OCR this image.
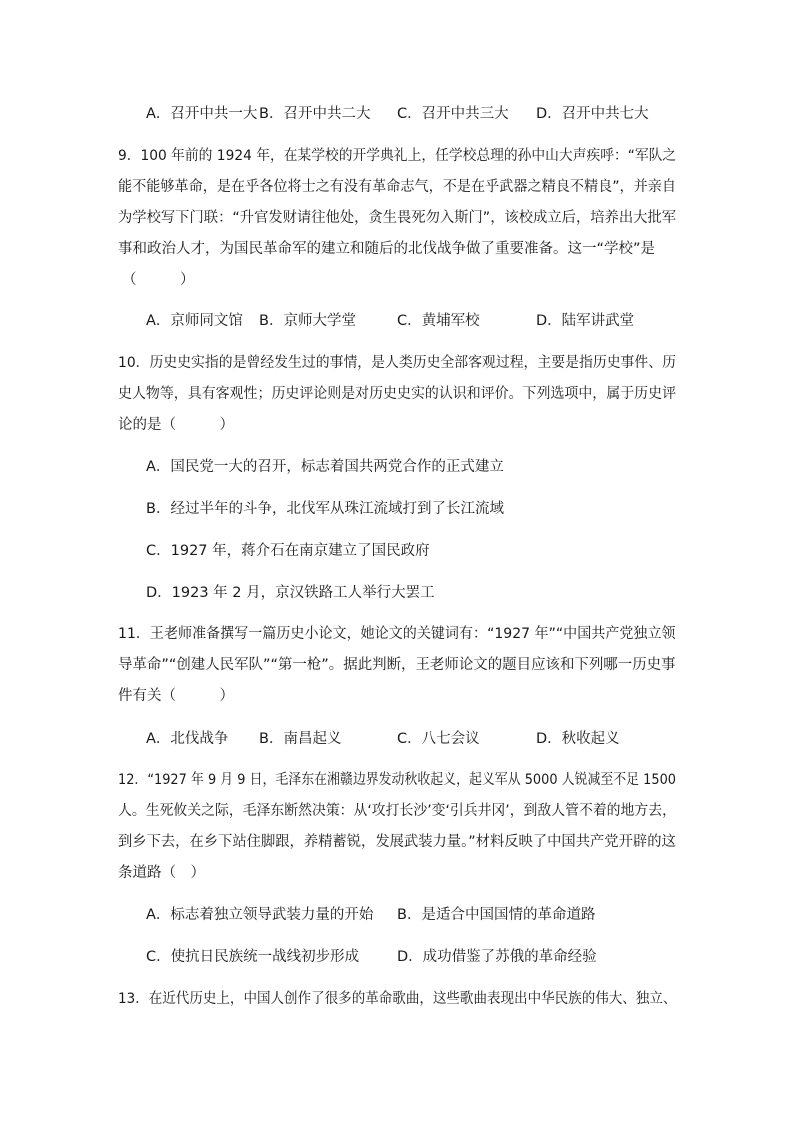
A．召开中共一大 B．召开中共二大 C．召开中共三大 D．召开中共七大
9．100 年前的 1924 年，在某学校的开学典礼上，任学校总理的孙中山大声疾呼：“军队之
能不能够革命，是在乎各位将士之有没有革命志气，不是在乎武器之精良不精良”，并亲自
为学校写下门联：“升官发财请往他处，贪生畏死勿入斯门”，该校成立后，培养出大批军
事和政治人才，为国民革命军的建立和随后的北伐战争做了重要准备。这一“学校”是
（　　　）
A．京师同文馆 B．京师大学堂	C．黄埔军校	D．陆军讲武堂
10．历史史实指的是曾经发生过的事情，是人类历史全部客观过程，主要是指历史事件、历
史人物等，具有客观性；历史评论则是对历史史实的认识和评价。下列选项中，属于历史评
论的是（　　　）
A．国民党一大的召开，标志着国共两党合作的正式建立
B．经过半年的斗争，北伐军从珠江流域打到了长江流域
C．1927 年，蒋介石在南京建立了国民政府
D．1923 年 2 月，京汉铁路工人举行大罢工
11．王老师准备撰写一篇历史小论文，她论文的关键词有：“1927 年”“中国共产党独立领
导革命”“创建人民军队”“第一枪”。据此判断，王老师论文的题目应该和下列哪一历史事
件有关（　　　）
A．北伐战争 B．南昌起义	C．八七会议	D．秋收起义
12．“1927 年 9 月 9 日，毛泽东在湘赣边界发动秋收起义，起义军从 5000 人锐减至不足 1500
人。生死攸关之际，毛泽东断然决策：从‘攻打长沙’变‘引兵井冈’，到敌人管不着的地方去，
到乡下去，在乡下站住脚跟，养精蓄锐，发展武装力量。”材料反映了中国共产党开辟的这
条道路（　）
A．标志着独立领导武装力量的开始 B．是适合中国国情的革命道路
C．使抗日民族统一战线初步形成	D．成功借鉴了苏俄的革命经验
13．在近代历史上，中国人创作了很多的革命歌曲，这些歌曲表现出中华民族的伟大、独立、
